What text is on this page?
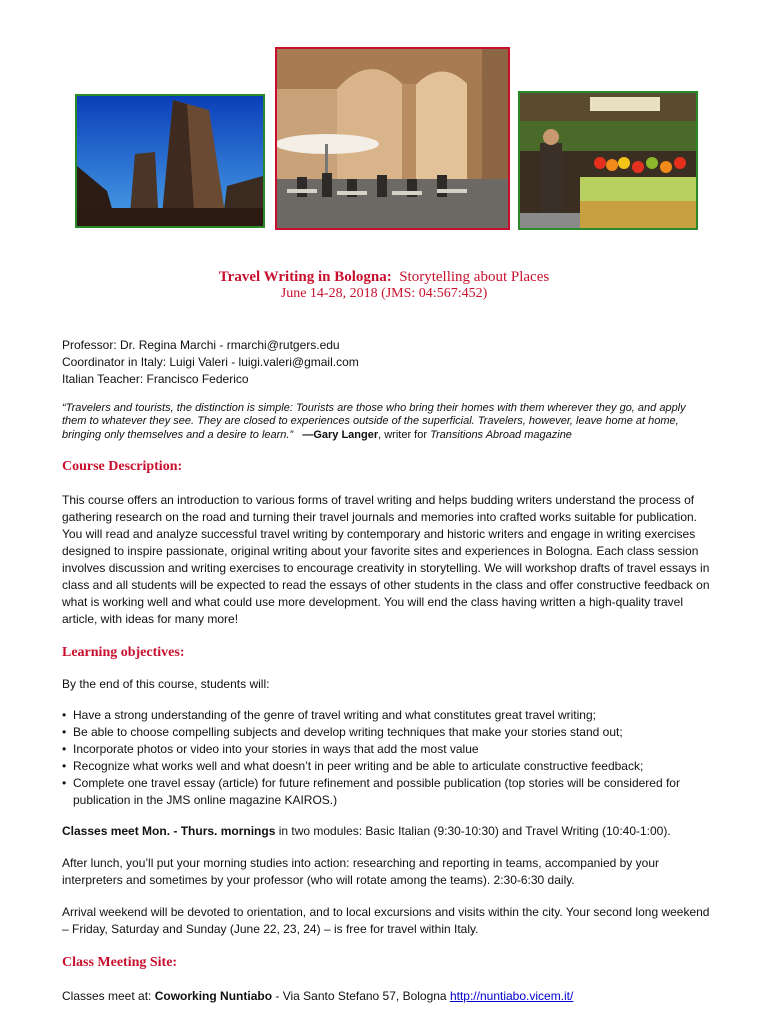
Travel Writing in Bologna: Storytelling about Places
June 14-28, 2018 (JMS: 04:567:452)
Professor: Dr. Regina Marchi - rmarchi@rutgers.edu
Coordinator in Italy: Luigi Valeri - luigi.valeri@gmail.com
Italian Teacher: Francisco Federico
“Travelers and tourists, the distinction is simple: Tourists are those who bring their homes with them wherever they go, and apply them to whatever they see. They are closed to experiences outside of the superficial. Travelers, however, leave home at home, bringing only themselves and a desire to learn.” —Gary Langer, writer for Transitions Abroad magazine
Course Description:

This course offers an introduction to various forms of travel writing and helps budding writers understand the process of gathering research on the road and turning their travel journals and memories into crafted works suitable for publication. You will read and analyze successful travel writing by contemporary and historic writers and engage in writing exercises designed to inspire passionate, original writing about your favorite sites and experiences in Bologna. Each class session involves discussion and writing exercises to encourage creativity in storytelling. We will workshop drafts of travel essays in class and all students will be expected to read the essays of other students in the class and offer constructive feedback on what is working well and what could use more development. You will end the class having written a high-quality travel article, with ideas for many more!

Learning objectives:

By the end of this course, students will:

• Have a strong understanding of the genre of travel writing and what constitutes great travel writing;
• Be able to choose compelling subjects and develop writing techniques that make your stories stand out;
• Incorporate photos or video into your stories in ways that add the most value
• Recognize what works well and what doesn’t in peer writing and be able to articulate constructive feedback;
• Complete one travel essay (article) for future refinement and possible publication (top stories will be considered for publication in the JMS online magazine KAIROS.)

Classes meet Mon. - Thurs. mornings in two modules: Basic Italian (9:30-10:30) and Travel Writing (10:40-1:00).

After lunch, you’ll put your morning studies into action: researching and reporting in teams, accompanied by your interpreters and sometimes by your professor (who will rotate among the teams). 2:30-6:30 daily.

Arrival weekend will be devoted to orientation, and to local excursions and visits within the city. Your second long weekend – Friday, Saturday and Sunday (June 22, 23, 24) – is free for travel within Italy.

Class Meeting Site:

Classes meet at: Coworking Nuntiabo - Via Santo Stefano 57, Bologna http://nuntiabo.vicem.it/
